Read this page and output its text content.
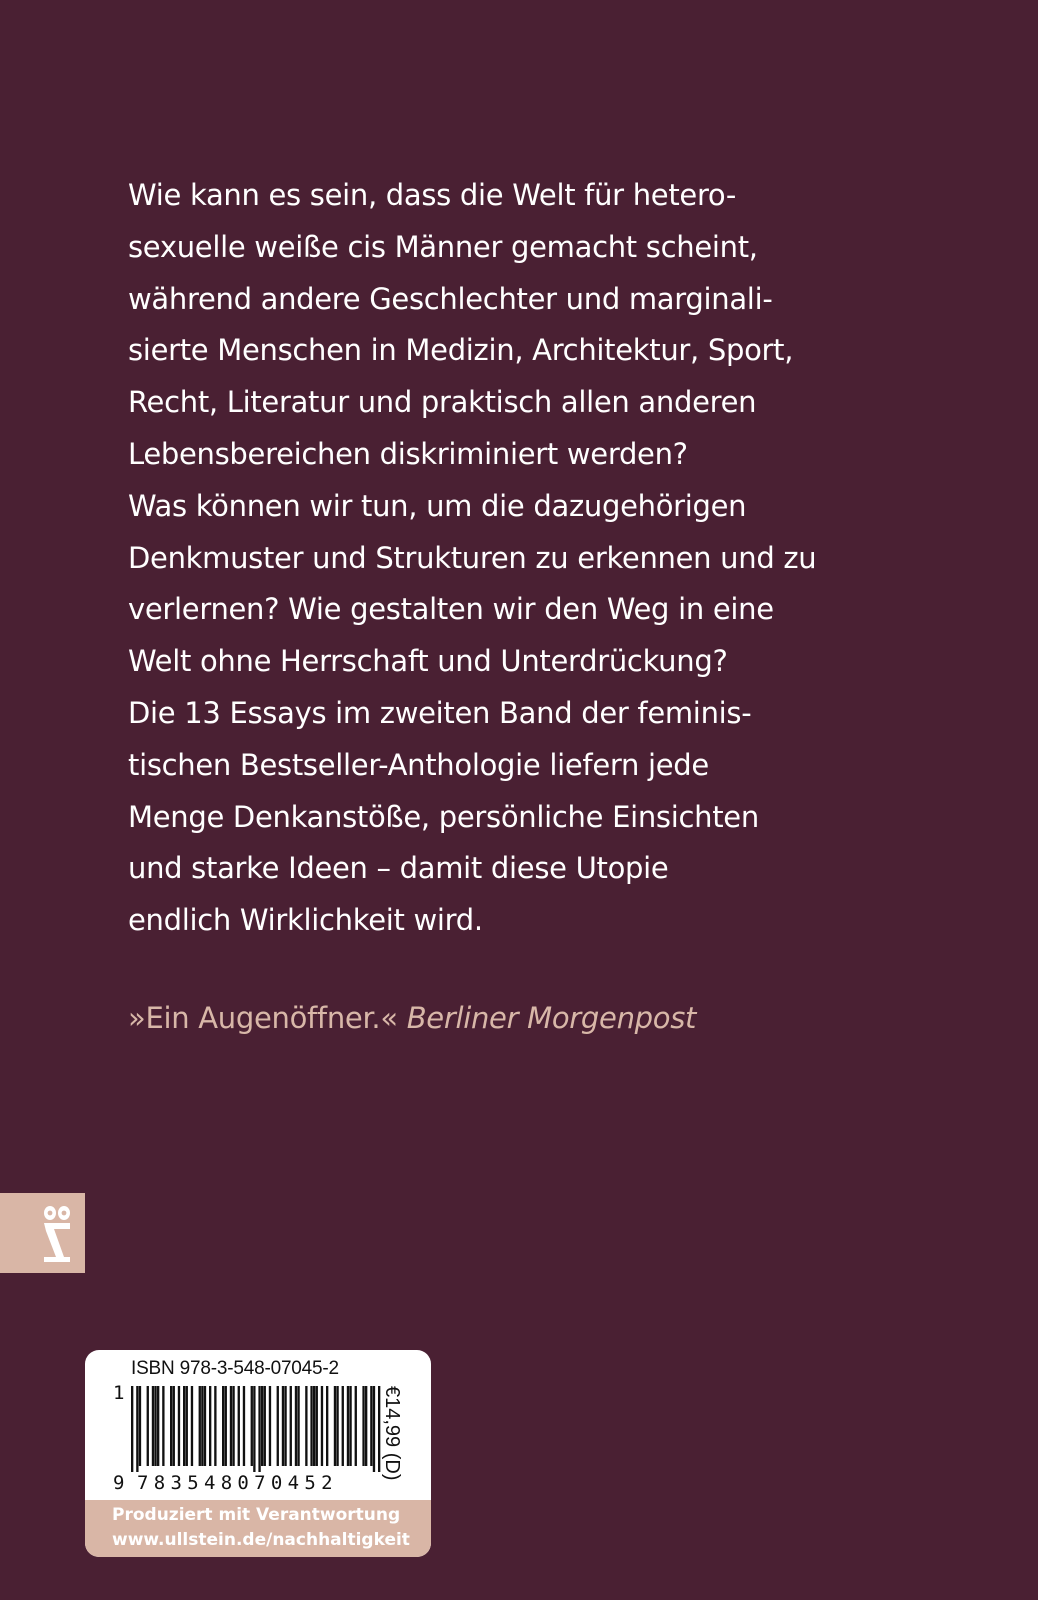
Wie kann es sein, dass die Welt für hetero-
sexuelle weiße cis Männer gemacht scheint,
während andere Geschlechter und marginali-
sierte Menschen in Medizin, Architektur, Sport,
Recht, Literatur und praktisch allen anderen
Lebensbereichen diskriminiert werden?
Was können wir tun, um die dazugehörigen
Denkmuster und Strukturen zu erkennen und zu
verlernen? Wie gestalten wir den Weg in eine
Welt ohne Herrschaft und Unterdrückung?
Die 13 Essays im zweiten Band der feminis-
tischen Bestseller-Anthologie liefern jede
Menge Denkanstöße, persönliche Einsichten
und starke Ideen – damit diese Utopie
endlich Wirklichkeit wird.

»Ein Augenöffner.« Berliner Morgenpost

ISBN 978-3-548-07045-2
1
9 783548070452
€14,99 (D)
Produziert mit Verantwortung
www.ullstein.de/nachhaltigkeit
